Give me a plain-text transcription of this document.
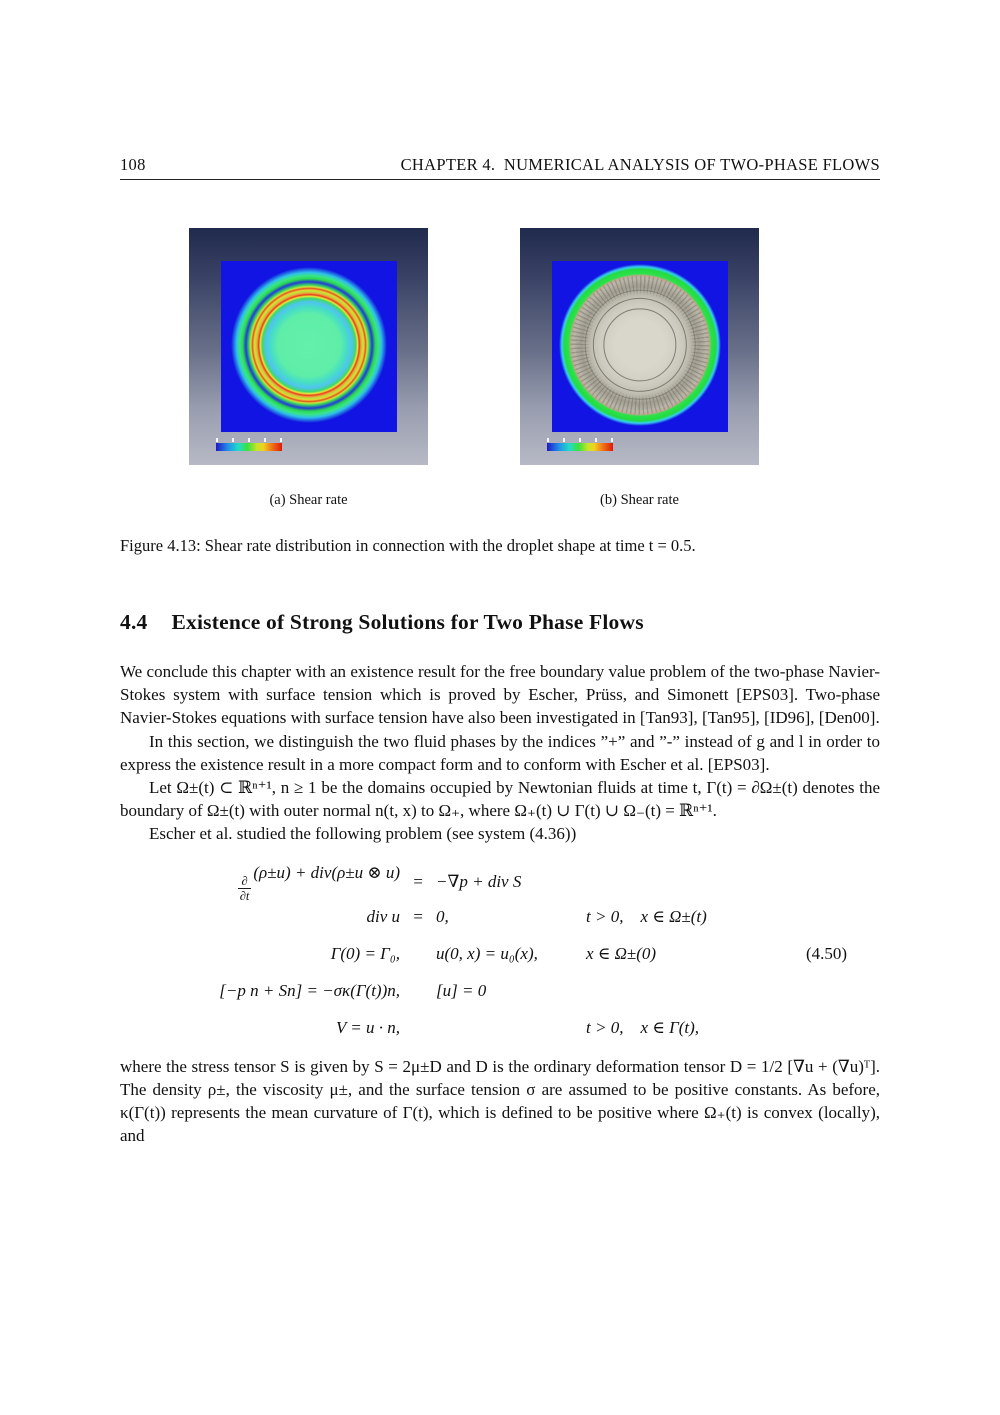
108	CHAPTER 4. NUMERICAL ANALYSIS OF TWO-PHASE FLOWS
(a) Shear rate	(b) Shear rate
Figure 4.13: Shear rate distribution in connection with the droplet shape at time t = 0.5.
4.4 Existence of Strong Solutions for Two Phase Flows

We conclude this chapter with an existence result for the free boundary value problem of the two-phase Navier-Stokes system with surface tension which is proved by Escher, Prüss, and Simonett [EPS03]. Two-phase Navier-Stokes equations with surface tension have also been investigated in [Tan93], [Tan95], [ID96], [Den00].

In this section, we distinguish the two fluid phases by the indices ”+” and ”-” instead of g and l in order to express the existence result in a more compact form and to conform with Escher et al. [EPS03].

Let Ω±(t) ⊂ ℝⁿ⁺¹, n ≥ 1 be the domains occupied by Newtonian fluids at time t, Γ(t) = ∂Ω±(t) denotes the boundary of Ω±(t) with outer normal n(t, x) to Ω₊, where Ω₊(t) ∪ Γ(t) ∪ Ω₋(t) = ℝⁿ⁺¹.

Escher et al. studied the following problem (see system (4.36))

$\frac{\partial}{\partial t}$
(ρ±u) + div(ρ±u ⊗ u)
= −∇p + div S
div u = 0,	t > 0, x ∈ Ω±(t)
Γ(0) = Γ₀, u(0, x) = u₀(x),	x ∈ Ω±(0)	(4.50)
[−p n + Sn] = −σκ(Γ(t))n, [u] = 0
V = u · n,	t > 0, x ∈ Γ(t),

where the stress tensor S is given by S = 2μ±D and D is the ordinary deformation tensor D = 1/2 [∇u + (∇u)ᵀ]. The density ρ±, the viscosity μ±, and the surface tension σ are assumed to be positive constants. As before, κ(Γ(t)) represents the mean curvature of Γ(t), which is defined to be positive where Ω₊(t) is convex (locally), and
